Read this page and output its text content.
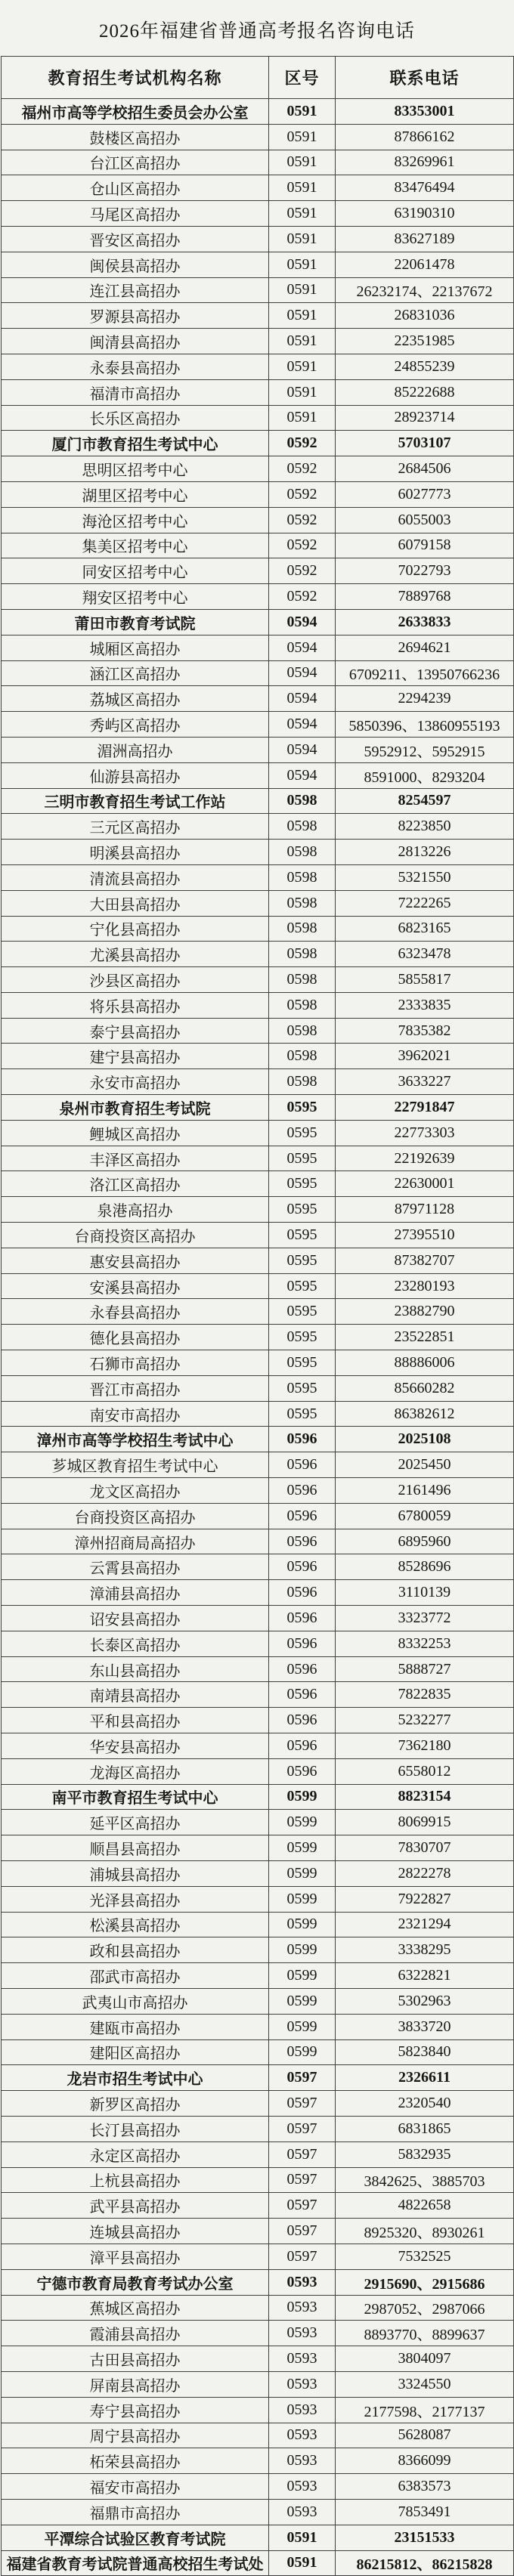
2026年福建省普通高考报名咨询电话
教育招生考试机构名称	区号	联系电话
福州市高等学校招生委员会办公室	0591	83353001
鼓楼区高招办	0591	87866162
台江区高招办	0591	83269961
仓山区高招办	0591	83476494
马尾区高招办	0591	63190310
晋安区高招办	0591	83627189
闽侯县高招办	0591	22061478
连江县高招办	0591	26232174、22137672
罗源县高招办	0591	26831036
闽清县高招办	0591	22351985
永泰县高招办	0591	24855239
福清市高招办	0591	85222688
长乐区高招办	0591	28923714
厦门市教育招生考试中心	0592	5703107
思明区招考中心	0592	2684506
湖里区招考中心	0592	6027773
海沧区招考中心	0592	6055003
集美区招考中心	0592	6079158
同安区招考中心	0592	7022793
翔安区招考中心	0592	7889768
莆田市教育考试院	0594	2633833
城厢区高招办	0594	2694621
涵江区高招办	0594	6709211、13950766236
荔城区高招办	0594	2294239
秀屿区高招办	0594	5850396、13860955193
湄洲高招办	0594	5952912、5952915
仙游县高招办	0594	8591000、8293204
三明市教育招生考试工作站	0598	8254597
三元区高招办	0598	8223850
明溪县高招办	0598	2813226
清流县高招办	0598	5321550
大田县高招办	0598	7222265
宁化县高招办	0598	6823165
尤溪县高招办	0598	6323478
沙县区高招办	0598	5855817
将乐县高招办	0598	2333835
泰宁县高招办	0598	7835382
建宁县高招办	0598	3962021
永安市高招办	0598	3633227
泉州市教育招生考试院	0595	22791847
鲤城区高招办	0595	22773303
丰泽区高招办	0595	22192639
洛江区高招办	0595	22630001
泉港高招办	0595	87971128
台商投资区高招办	0595	27395510
惠安县高招办	0595	87382707
安溪县高招办	0595	23280193
永春县高招办	0595	23882790
德化县高招办	0595	23522851
石狮市高招办	0595	88886006
晋江市高招办	0595	85660282
南安市高招办	0595	86382612
漳州市高等学校招生考试中心	0596	2025108
芗城区教育招生考试中心	0596	2025450
龙文区高招办	0596	2161496
台商投资区高招办	0596	6780059
漳州招商局高招办	0596	6895960
云霄县高招办	0596	8528696
漳浦县高招办	0596	3110139
诏安县高招办	0596	3323772
长泰区高招办	0596	8332253
东山县高招办	0596	5888727
南靖县高招办	0596	7822835
平和县高招办	0596	5232277
华安县高招办	0596	7362180
龙海区高招办	0596	6558012
南平市教育招生考试中心	0599	8823154
延平区高招办	0599	8069915
顺昌县高招办	0599	7830707
浦城县高招办	0599	2822278
光泽县高招办	0599	7922827
松溪县高招办	0599	2321294
政和县高招办	0599	3338295
邵武市高招办	0599	6322821
武夷山市高招办	0599	5302963
建瓯市高招办	0599	3833720
建阳区高招办	0599	5823840
龙岩市招生考试中心	0597	2326611
新罗区高招办	0597	2320540
长汀县高招办	0597	6831865
永定区高招办	0597	5832935
上杭县高招办	0597	3842625、3885703
武平县高招办	0597	4822658
连城县高招办	0597	8925320、8930261
漳平县高招办	0597	7532525
宁德市教育局教育考试办公室	0593	2915690、2915686
蕉城区高招办	0593	2987052、2987066
霞浦县高招办	0593	8893770、8899637
古田县高招办	0593	3804097
屏南县高招办	0593	3324550
寿宁县高招办	0593	2177598、2177137
周宁县高招办	0593	5628087
柘荣县高招办	0593	8366099
福安市高招办	0593	6383573
福鼎市高招办	0593	7853491
平潭综合试验区教育考试院	0591	23151533
福建省教育考试院普通高校招生考试处	0591	86215812、86215828
